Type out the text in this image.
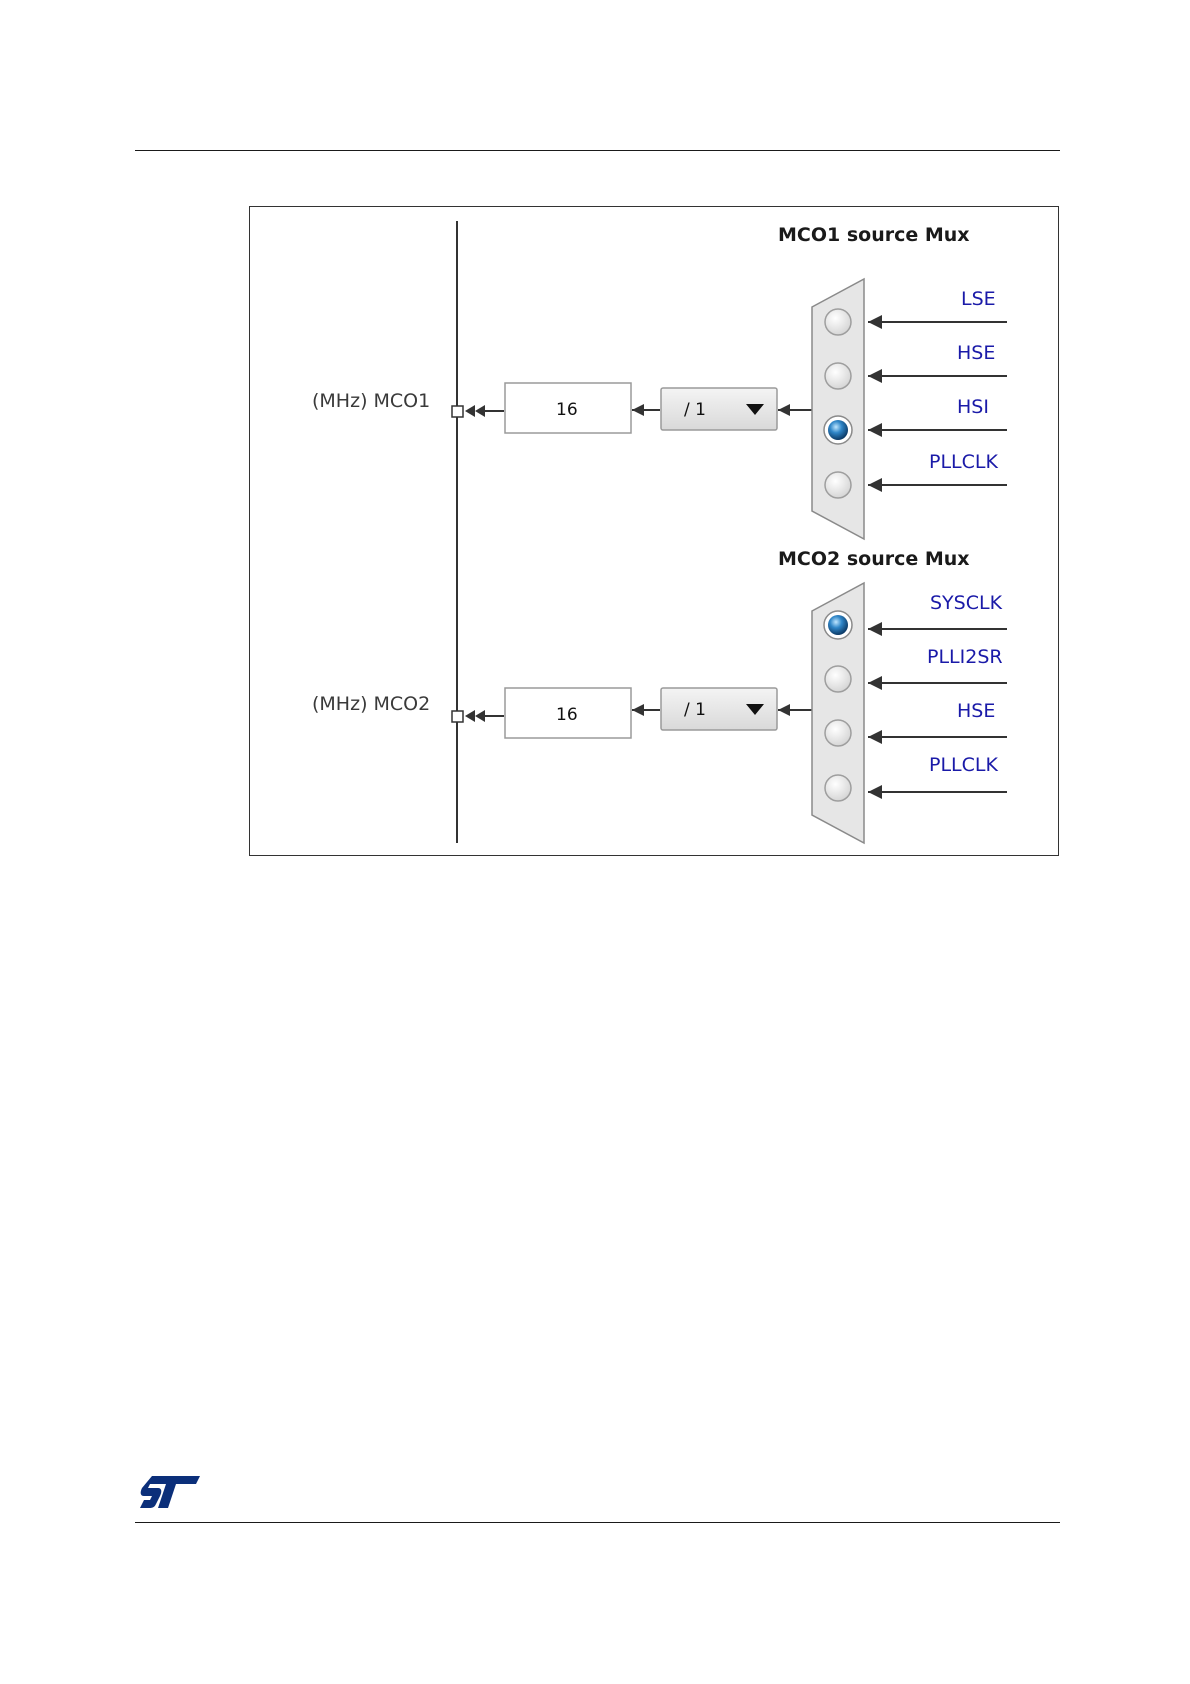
MCO1 source Mux
(MHz) MCO1	16	/ 1
LSE
HSE
HSI
PLLCLK
MCO2 source Mux
(MHz) MCO2	16	/ 1
SYSCLK
PLLI2SR
HSE
PLLCLK
